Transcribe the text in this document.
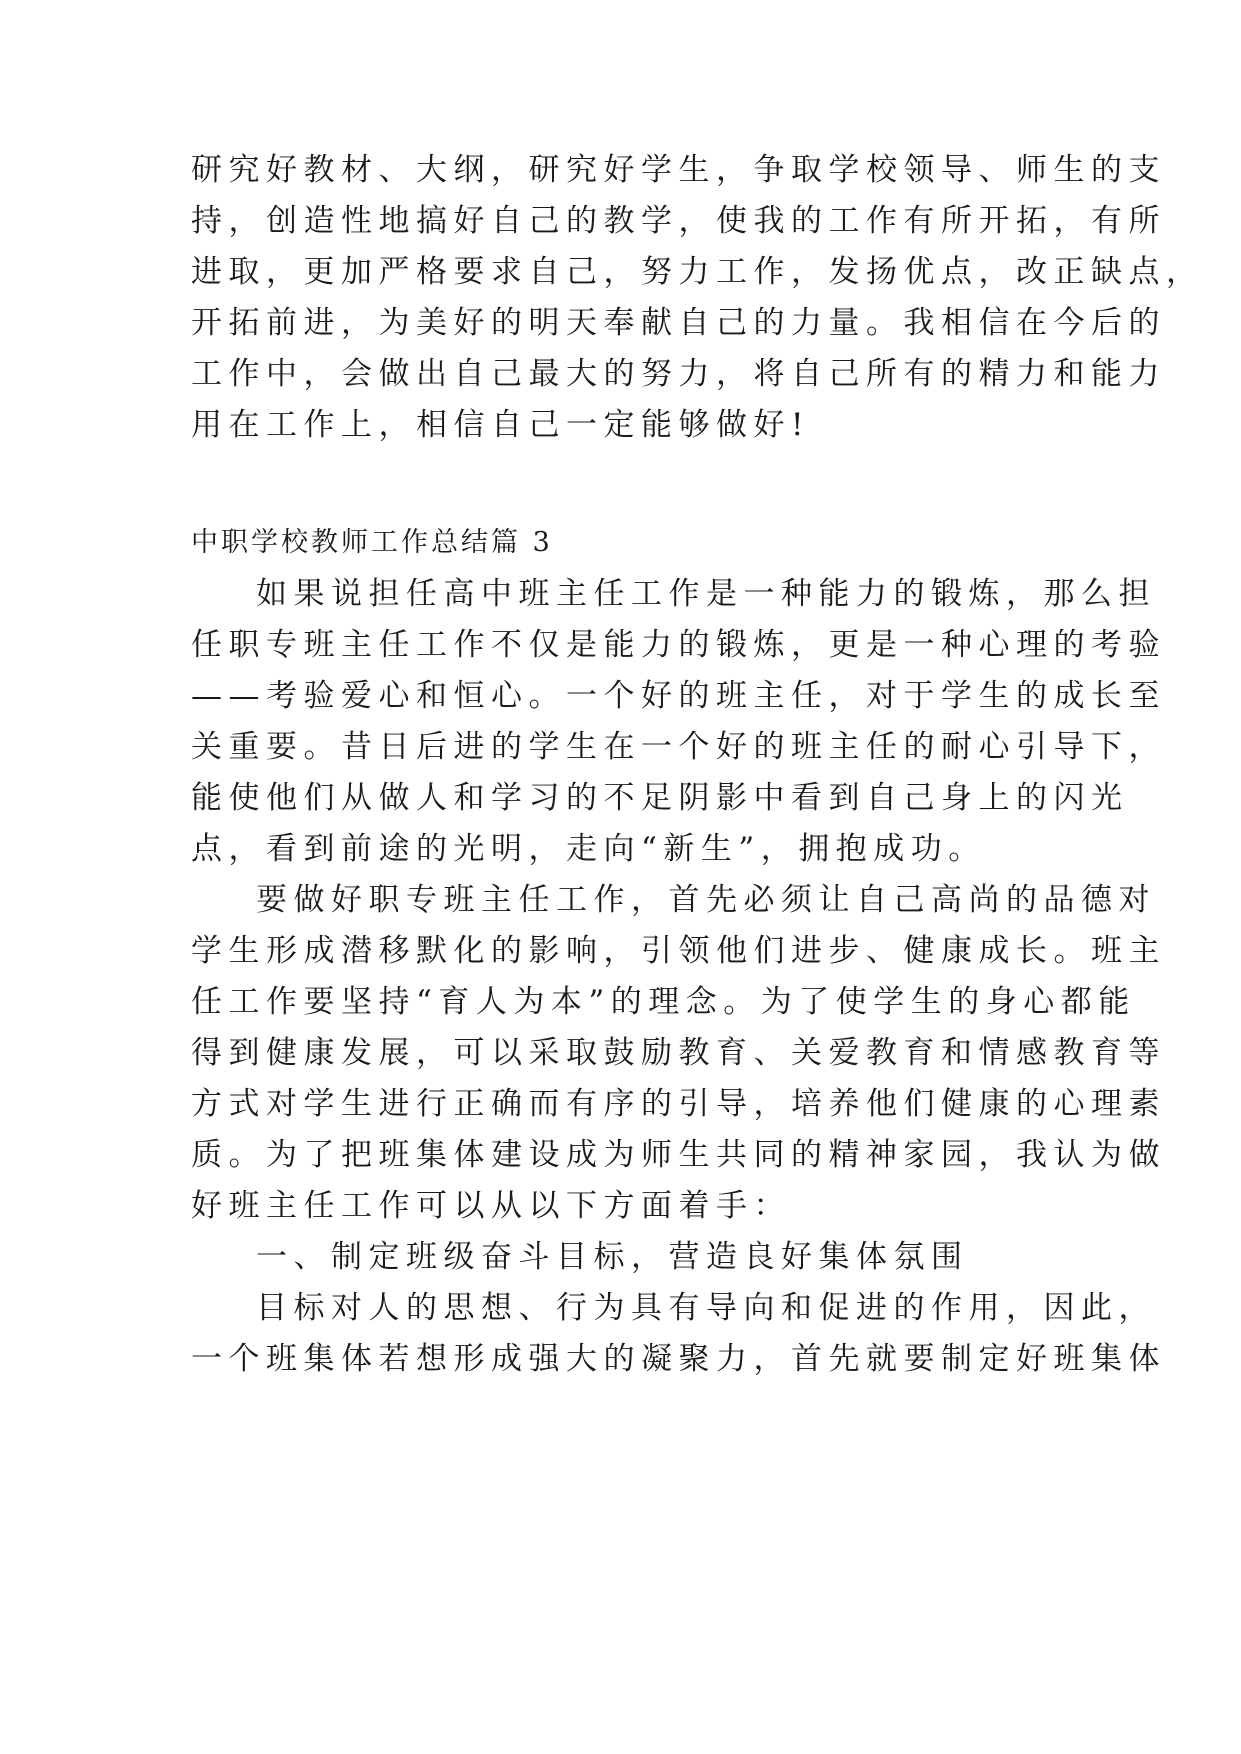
研究好教材、大纲，研究好学生，争取学校领导、师生的支
持，创造性地搞好自己的教学，使我的工作有所开拓，有所
进取，更加严格要求自己，努力工作，发扬优点，改正缺点，
开拓前进，为美好的明天奉献自己的力量。我相信在今后的
工作中，会做出自己最大的努力，将自己所有的精力和能力
用在工作上，相信自己一定能够做好!
中职学校教师工作总结篇 3
如果说担任高中班主任工作是一种能力的锻炼，那么担
任职专班主任工作不仅是能力的锻炼，更是一种心理的考验
——考验爱心和恒心。一个好的班主任，对于学生的成长至
关重要。昔日后进的学生在一个好的班主任的耐心引导下，
能使他们从做人和学习的不足阴影中看到自己身上的闪光
点，看到前途的光明，走向“新生”，拥抱成功。
要做好职专班主任工作，首先必须让自己高尚的品德对
学生形成潜移默化的影响，引领他们进步、健康成长。班主
任工作要坚持“育人为本”的理念。为了使学生的身心都能
得到健康发展，可以采取鼓励教育、关爱教育和情感教育等
方式对学生进行正确而有序的引导，培养他们健康的心理素
质。为了把班集体建设成为师生共同的精神家园，我认为做
好班主任工作可以从以下方面着手：
一、制定班级奋斗目标，营造良好集体氛围
目标对人的思想、行为具有导向和促进的作用，因此，
一个班集体若想形成强大的凝聚力，首先就要制定好班集体
